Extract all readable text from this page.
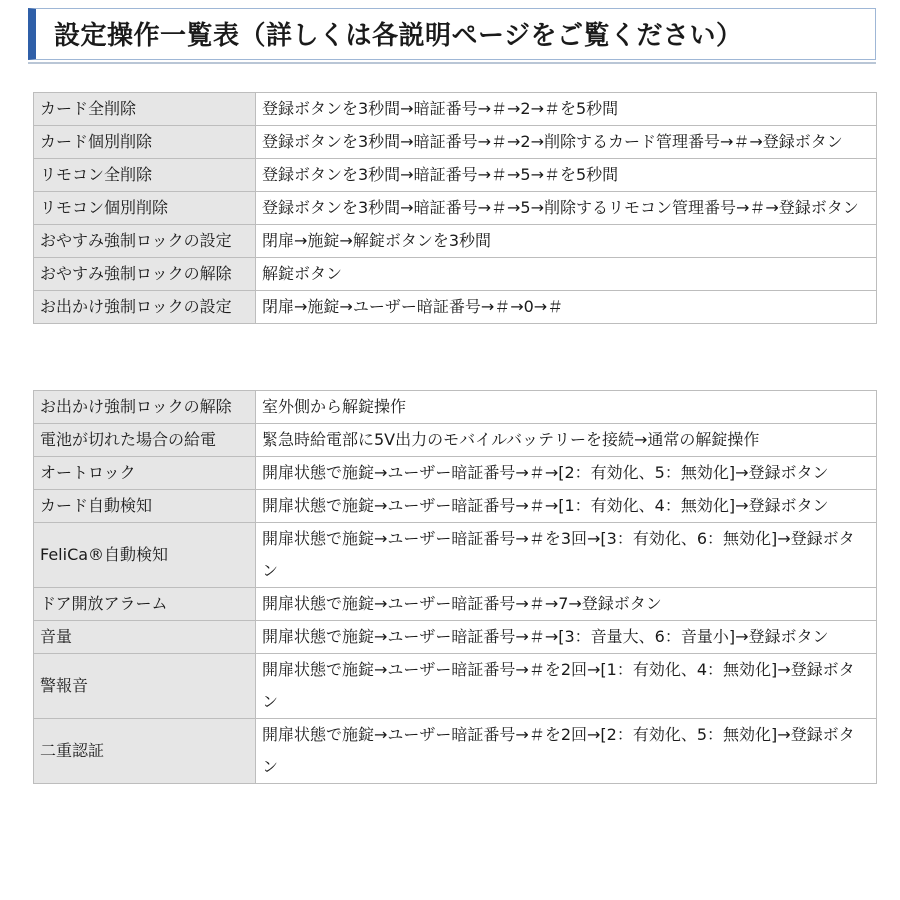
設定操作一覧表（詳しくは各説明ページをご覧ください）
カード全削除	登録ボタンを3秒間→暗証番号→＃→2→＃を5秒間
カード個別削除	登録ボタンを3秒間→暗証番号→＃→2→削除するカード管理番号→＃→登録ボタン
リモコン全削除	登録ボタンを3秒間→暗証番号→＃→5→＃を5秒間
リモコン個別削除	登録ボタンを3秒間→暗証番号→＃→5→削除するリモコン管理番号→＃→登録ボタン
おやすみ強制ロックの設定	閉扉→施錠→解錠ボタンを3秒間
おやすみ強制ロックの解除	解錠ボタン
お出かけ強制ロックの設定	閉扉→施錠→ユーザー暗証番号→＃→0→＃
お出かけ強制ロックの解除	室外側から解錠操作
電池が切れた場合の給電	緊急時給電部に5V出力のモバイルバッテリーを接続→通常の解錠操作
オートロック	開扉状態で施錠→ユーザー暗証番号→＃→[2：有効化、5：無効化]→登録ボタン
カード自動検知	開扉状態で施錠→ユーザー暗証番号→＃→[1：有効化、4：無効化]→登録ボタン
FeliCa®自動検知	開扉状態で施錠→ユーザー暗証番号→＃を3回→[3：有効化、6：無効化]→登録ボタン
ドア開放アラーム	開扉状態で施錠→ユーザー暗証番号→＃→7→登録ボタン
音量	開扉状態で施錠→ユーザー暗証番号→＃→[3：音量大、6：音量小]→登録ボタン
警報音	開扉状態で施錠→ユーザー暗証番号→＃を2回→[1：有効化、4：無効化]→登録ボタン
二重認証	開扉状態で施錠→ユーザー暗証番号→＃を2回→[2：有効化、5：無効化]→登録ボタン
